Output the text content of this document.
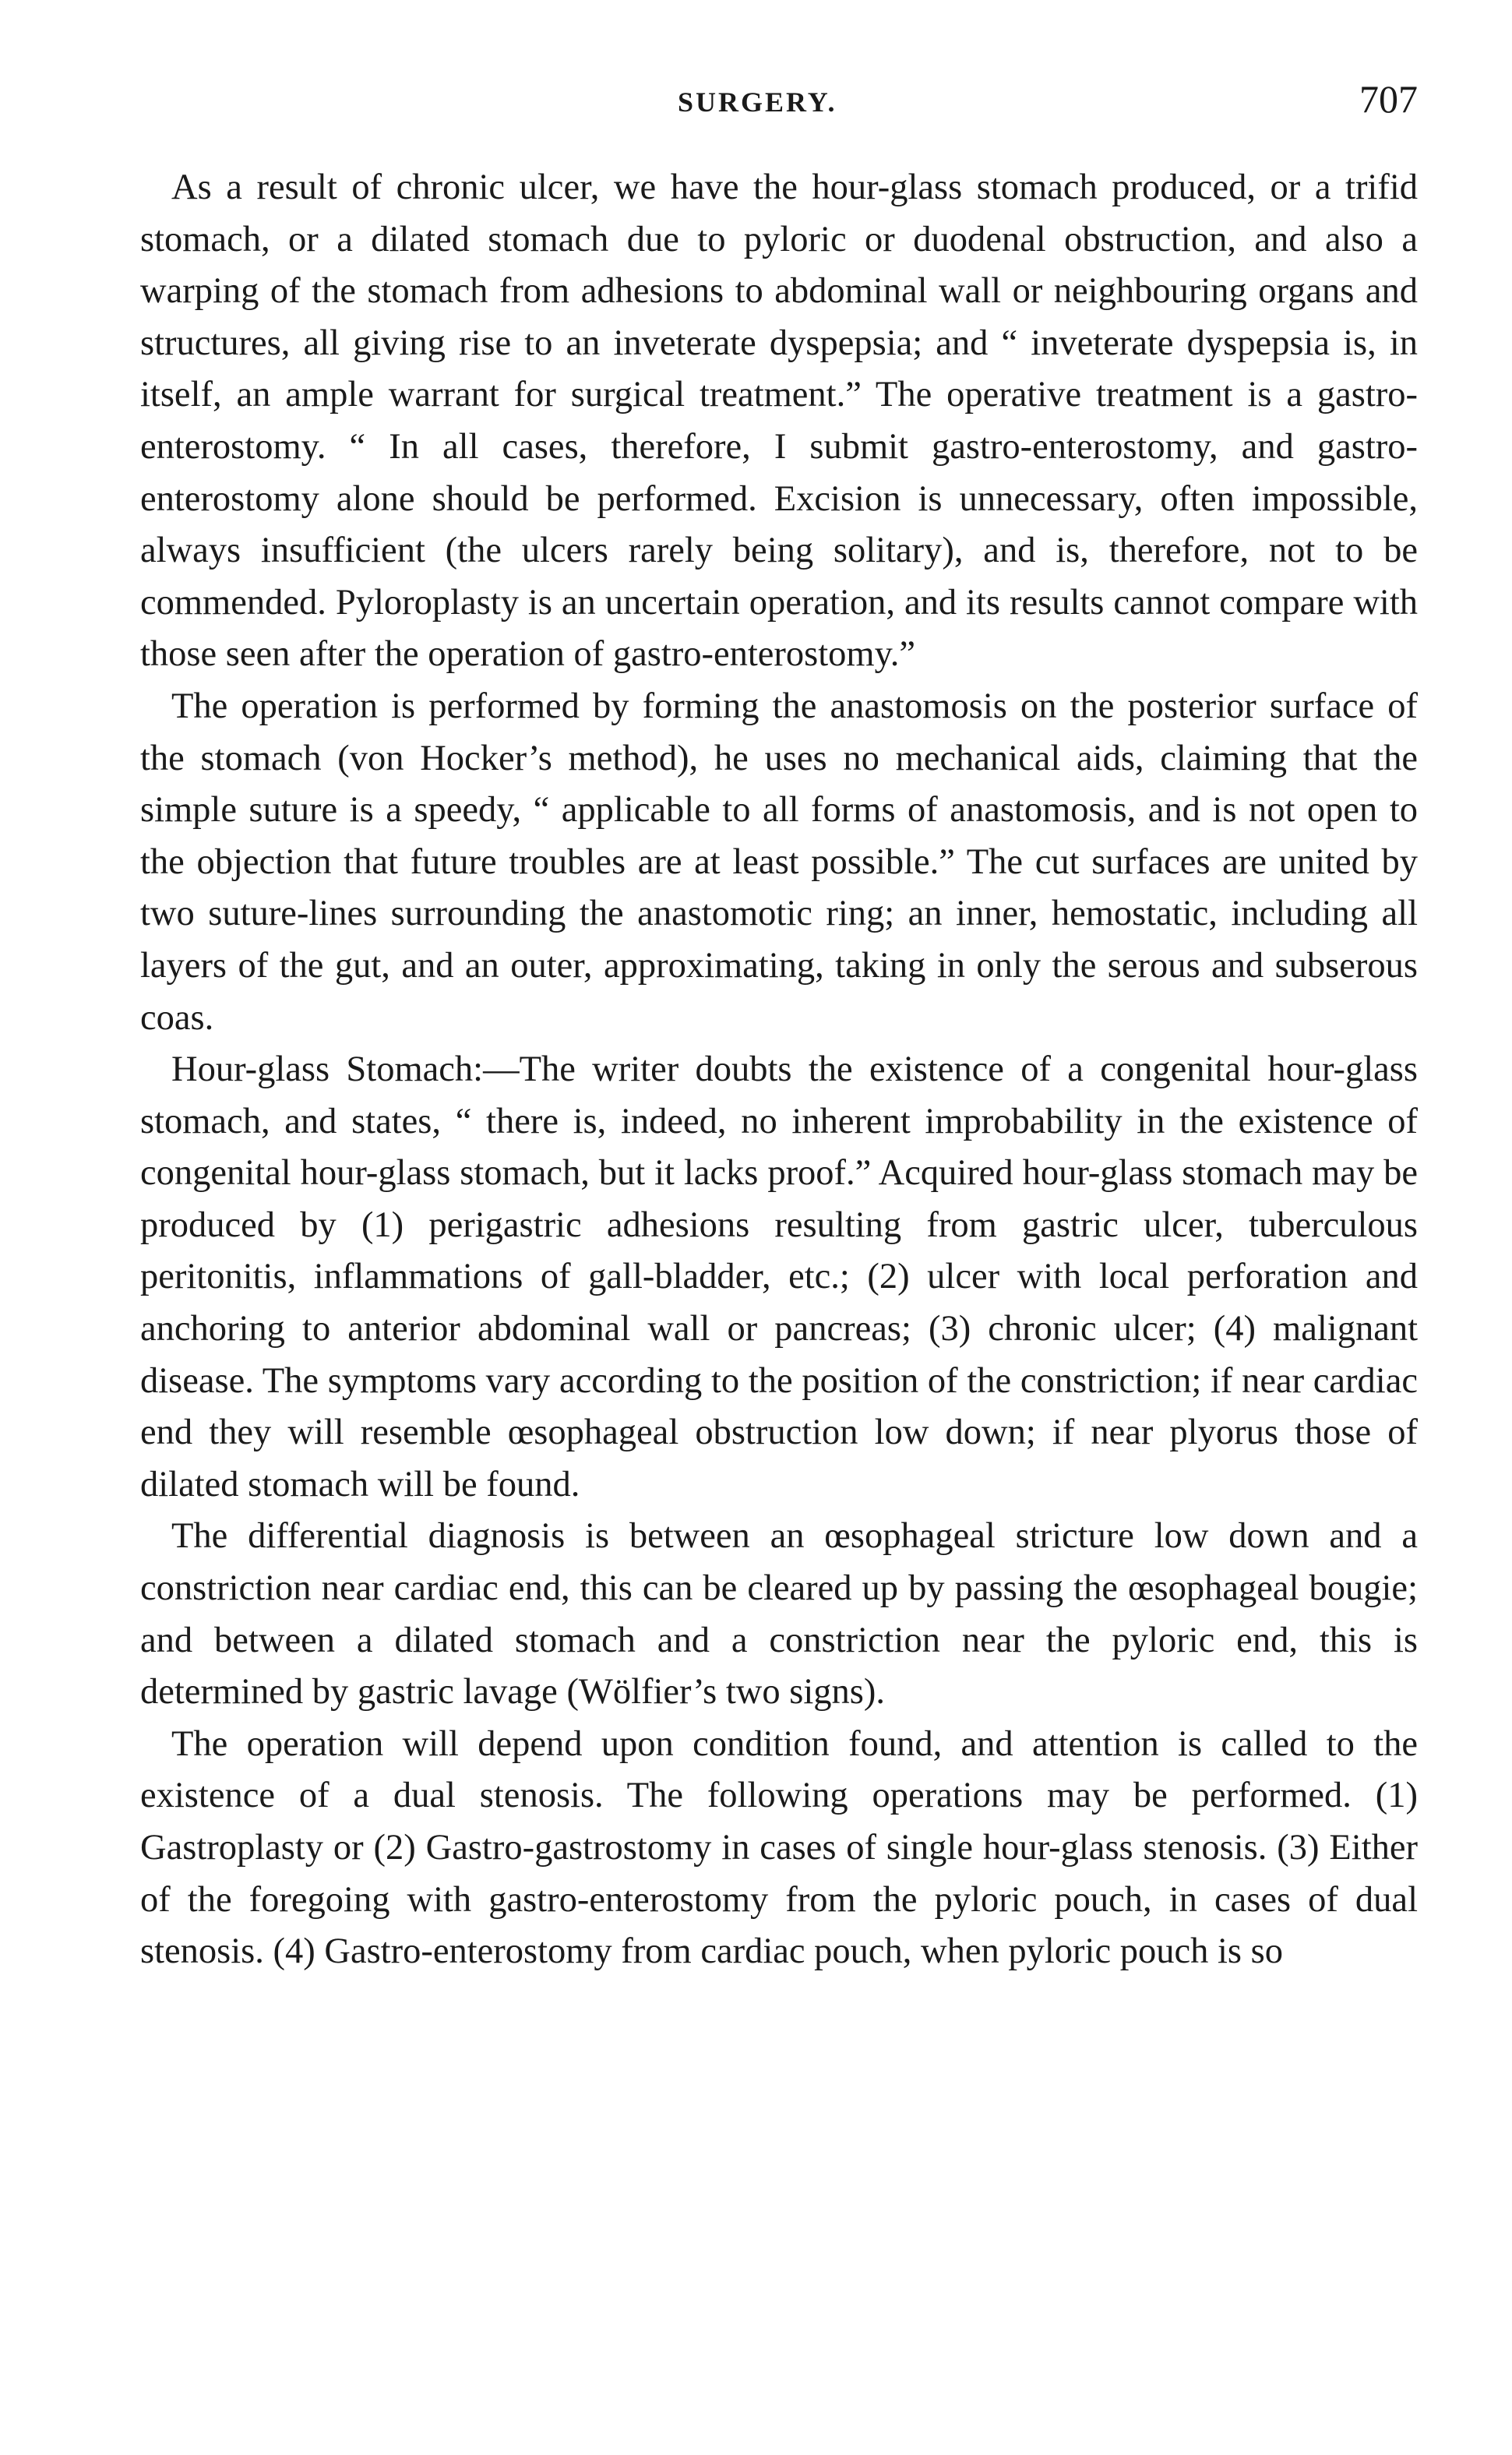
SURGERY.	707

As a result of chronic ulcer, we have the hour-glass stomach produced, or a trifid stomach, or a dilated stomach due to pyloric or duodenal obstruction, and also a warping of the stomach from adhesions to abdominal wall or neighbouring organs and structures, all giving rise to an inveterate dyspepsia; and “ inveterate dyspepsia is, in itself, an ample warrant for surgical treatment.” The operative treatment is a gastro-enterostomy. “ In all cases, therefore, I submit gastro-enterostomy, and gastro-enterostomy alone should be performed. Excision is unnecessary, often impossible, always insufficient (the ulcers rarely being solitary), and is, therefore, not to be commended. Pyloroplasty is an uncertain operation, and its results cannot compare with those seen after the operation of gastro-enterostomy.”

The operation is performed by forming the anastomosis on the posterior surface of the stomach (von Hocker’s method), he uses no mechanical aids, claiming that the simple suture is a speedy, “ applicable to all forms of anastomosis, and is not open to the objection that future troubles are at least possible.” The cut surfaces are united by two suture-lines surrounding the anastomotic ring; an inner, hemostatic, including all layers of the gut, and an outer, approximating, taking in only the serous and subserous coas.

Hour-glass Stomach:—The writer doubts the existence of a congenital hour-glass stomach, and states, “ there is, indeed, no inherent improbability in the existence of congenital hour-glass stomach, but it lacks proof.” Acquired hour-glass stomach may be produced by (1) perigastric adhesions resulting from gastric ulcer, tuberculous peritonitis, inflammations of gall-bladder, etc.; (2) ulcer with local perforation and anchoring to anterior abdominal wall or pancreas; (3) chronic ulcer; (4) malignant disease. The symptoms vary according to the position of the constriction; if near cardiac end they will resemble œsophageal obstruction low down; if near plyorus those of dilated stomach will be found.

The differential diagnosis is between an œsophageal stricture low down and a constriction near cardiac end, this can be cleared up by passing the œsophageal bougie; and between a dilated stomach and a constriction near the pyloric end, this is determined by gastric lavage (Wölfier’s two signs).

The operation will depend upon condition found, and attention is called to the existence of a dual stenosis. The following operations may be performed. (1) Gastroplasty or (2) Gastro-gastrostomy in cases of single hour-glass stenosis. (3) Either of the foregoing with gastro-enterostomy from the pyloric pouch, in cases of dual stenosis. (4) Gastro-enterostomy from cardiac pouch, when pyloric pouch is so
